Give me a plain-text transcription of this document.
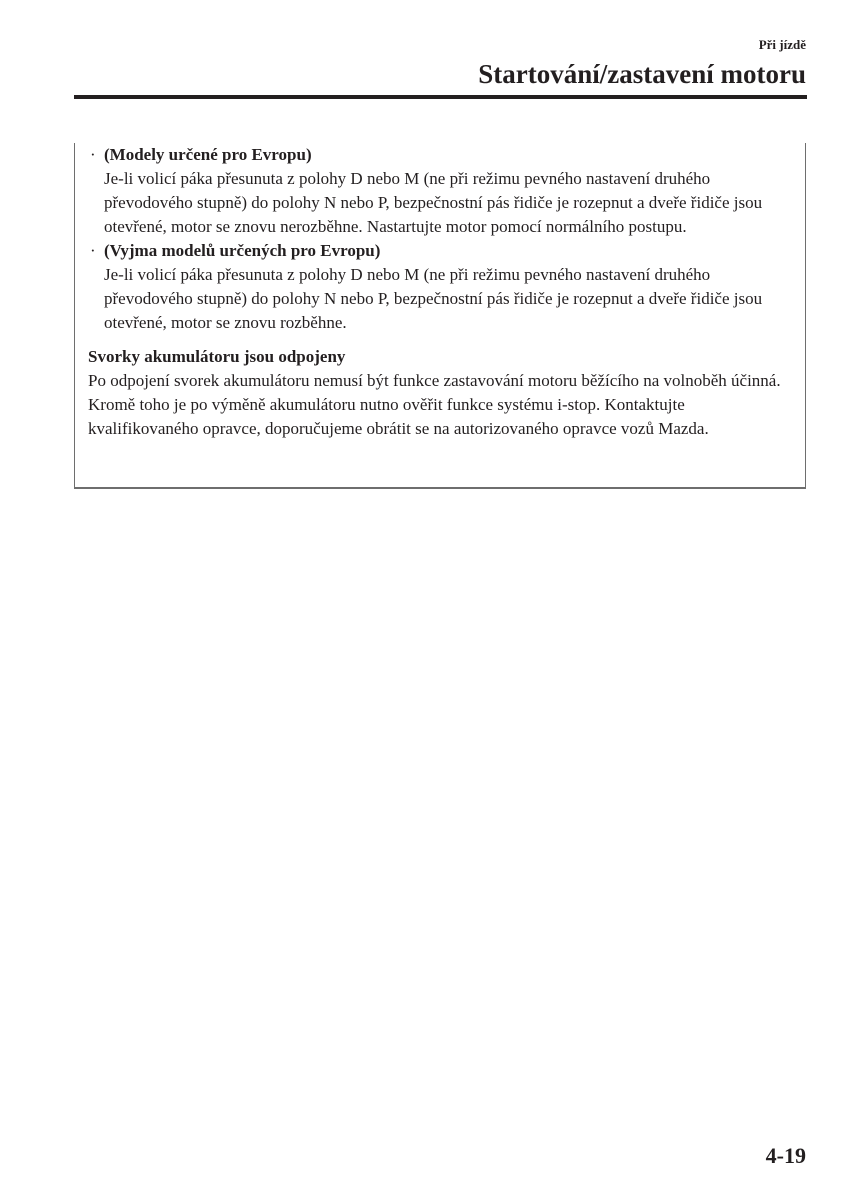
Při jízdě

Startování/zastavení motoru
· (Modely určené pro Evropu)

Je-li volicí páka přesunuta z polohy D nebo M (ne při režimu pevného nastavení druhého převodového stupně) do polohy N nebo P, bezpečnostní pás řidiče je rozepnut a dveře řidiče jsou otevřené, motor se znovu nerozběhne. Nastartujte motor pomocí normálního postupu.

· (Vyjma modelů určených pro Evropu)

Je-li volicí páka přesunuta z polohy D nebo M (ne při režimu pevného nastavení druhého převodového stupně) do polohy N nebo P, bezpečnostní pás řidiče je rozepnut a dveře řidiče jsou otevřené, motor se znovu rozběhne.

Svorky akumulátoru jsou odpojeny

Po odpojení svorek akumulátoru nemusí být funkce zastavování motoru běžícího na volnoběh účinná. Kromě toho je po výměně akumulátoru nutno ověřit funkce systému i-stop. Kontaktujte kvalifikovaného opravce, doporučujeme obrátit se na autorizovaného opravce vozů Mazda.

4-19
